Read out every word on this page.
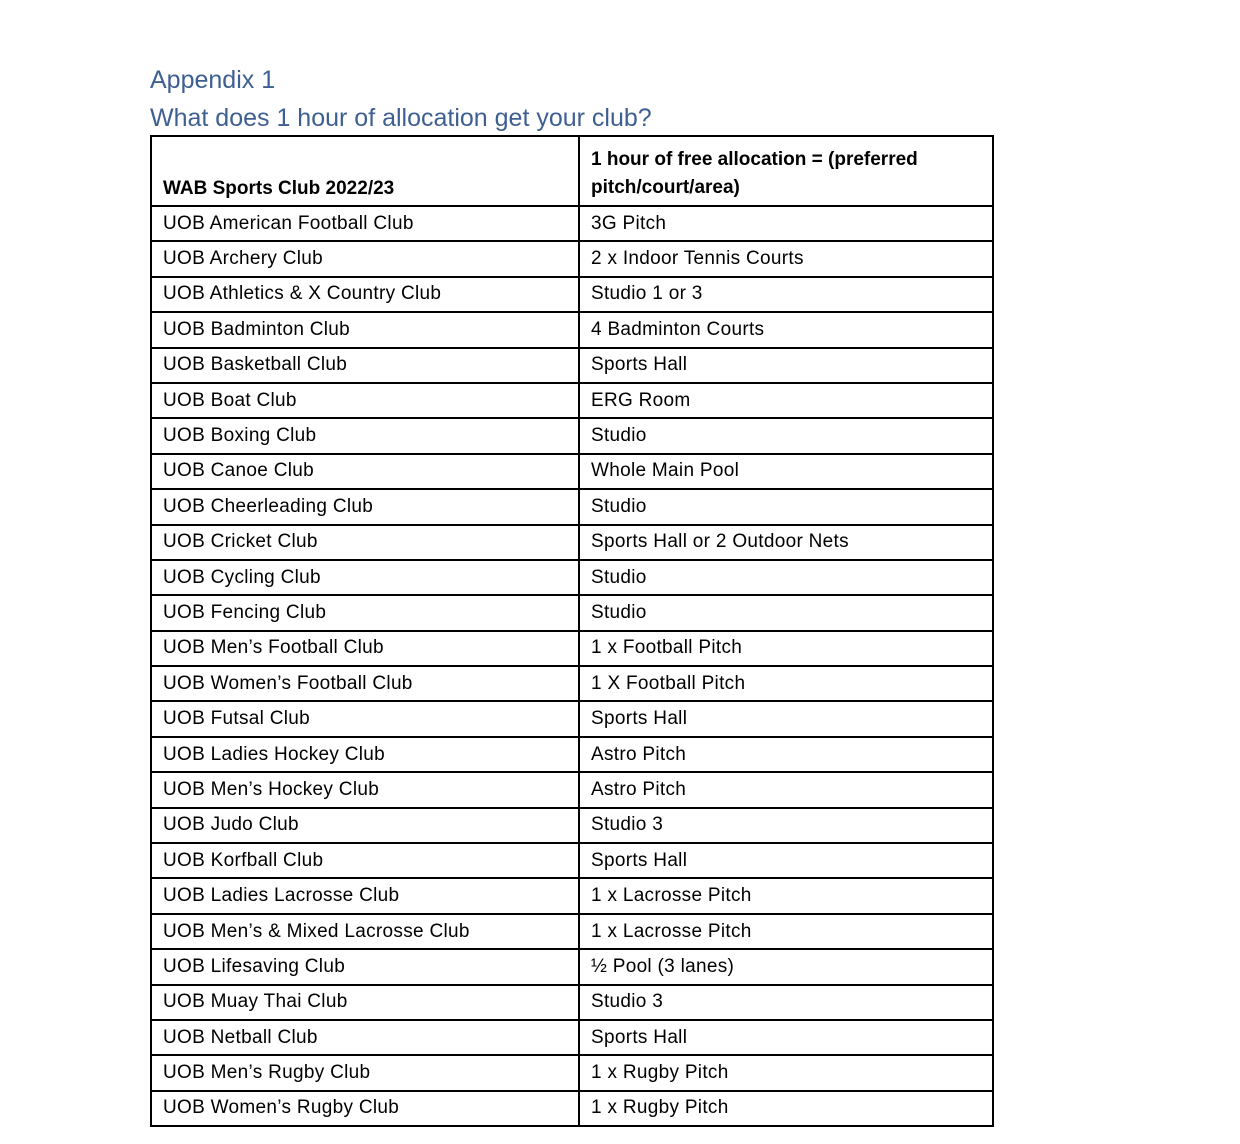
Appendix 1
What does 1 hour of allocation get your club?
WAB Sports Club 2022/23	1 hour of free allocation = (preferred pitch/court/area)
UOB American Football Club	3G Pitch
UOB Archery Club	2 x Indoor Tennis Courts
UOB Athletics & X Country Club	Studio 1 or 3
UOB Badminton Club	4 Badminton Courts
UOB Basketball Club	Sports Hall
UOB Boat Club	ERG Room
UOB Boxing Club	Studio
UOB Canoe Club	Whole Main Pool
UOB Cheerleading Club	Studio
UOB Cricket Club	Sports Hall or 2 Outdoor Nets
UOB Cycling Club	Studio
UOB Fencing Club	Studio
UOB Men’s Football Club	1 x Football Pitch
UOB Women’s Football Club	1 X Football Pitch
UOB Futsal Club	Sports Hall
UOB Ladies Hockey Club	Astro Pitch
UOB Men’s Hockey Club	Astro Pitch
UOB Judo Club	Studio 3
UOB Korfball Club	Sports Hall
UOB Ladies Lacrosse Club	1 x Lacrosse Pitch
UOB Men’s & Mixed Lacrosse Club	1 x Lacrosse Pitch
UOB Lifesaving Club	½ Pool (3 lanes)
UOB Muay Thai Club	Studio 3
UOB Netball Club	Sports Hall
UOB Men’s Rugby Club	1 x Rugby Pitch
UOB Women’s Rugby Club	1 x Rugby Pitch
